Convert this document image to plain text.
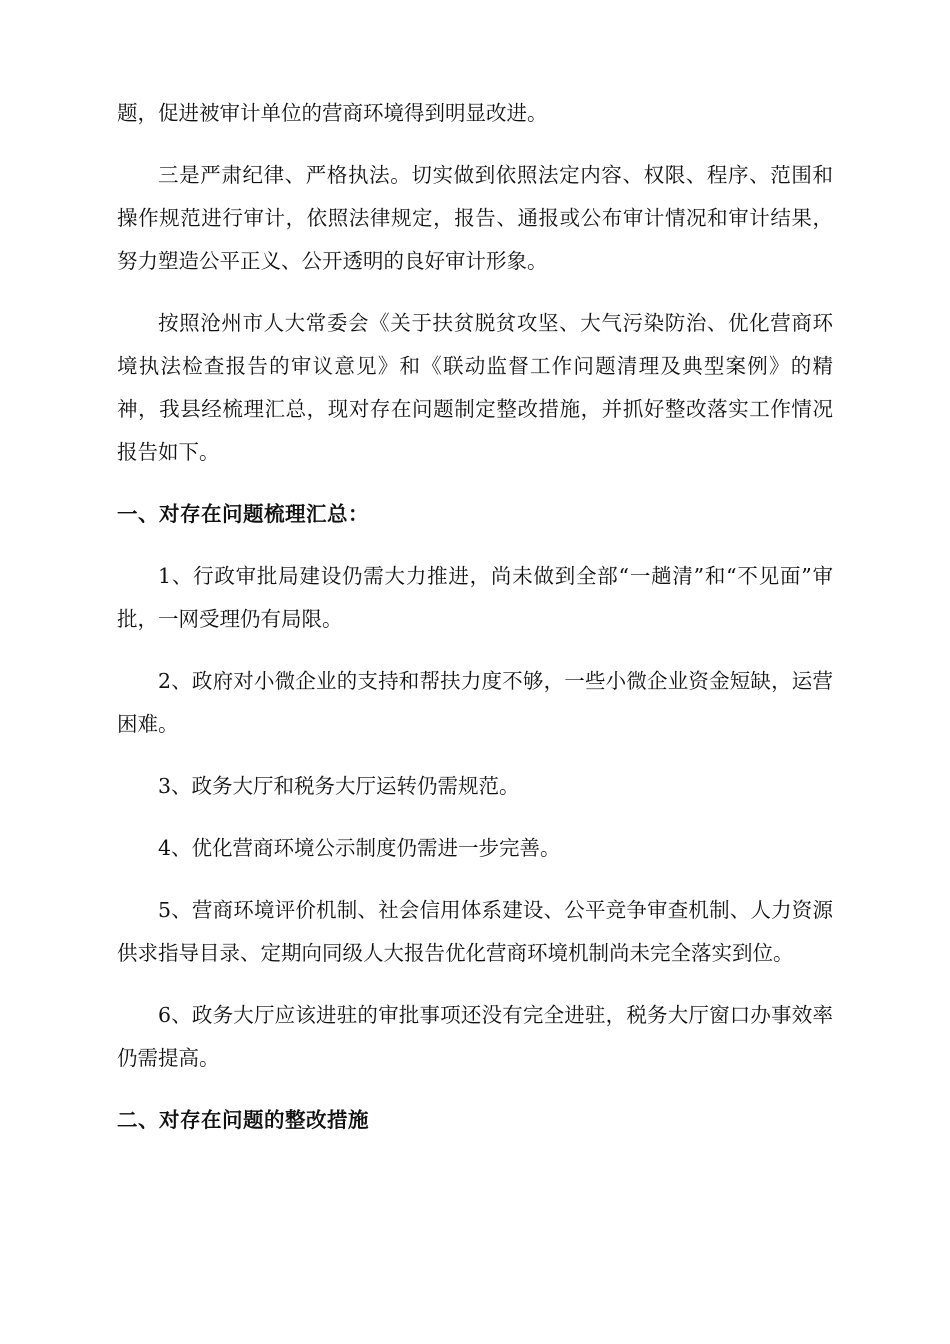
题，促进被审计单位的营商环境得到明显改进。

三是严肃纪律、严格执法。切实做到依照法定内容、权限、程序、范围和操作规范进行审计，依照法律规定，报告、通报或公布审计情况和审计结果，努力塑造公平正义、公开透明的良好审计形象。

按照沧州市人大常委会《关于扶贫脱贫攻坚、大气污染防治、优化营商环境执法检查报告的审议意见》和《联动监督工作问题清理及典型案例》的精神，我县经梳理汇总，现对存在问题制定整改措施，并抓好整改落实工作情况报告如下。

一、对存在问题梳理汇总：

1、行政审批局建设仍需大力推进，尚未做到全部“一趟清”和“不见面”审批，一网受理仍有局限。

2、政府对小微企业的支持和帮扶力度不够，一些小微企业资金短缺，运营困难。

3、政务大厅和税务大厅运转仍需规范。

4、优化营商环境公示制度仍需进一步完善。

5、营商环境评价机制、社会信用体系建设、公平竞争审查机制、人力资源供求指导目录、定期向同级人大报告优化营商环境机制尚未完全落实到位。

6、政务大厅应该进驻的审批事项还没有完全进驻，税务大厅窗口办事效率仍需提高。

二、对存在问题的整改措施
